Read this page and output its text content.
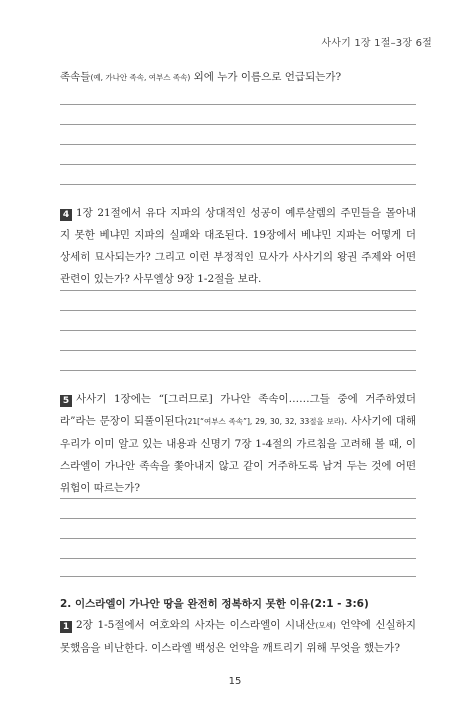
사사기 1장 1절–3장 6절
족속들(예, 가나안 족속, 여부스 족속) 외에 누가 이름으로 언급되는가?
4 1장 21절에서 유다 지파의 상대적인 성공이 예루살렘의 주민들을 몰아내지 못한 베냐민 지파의 실패와 대조된다. 19장에서 베냐민 지파는 어떻게 더 상세히 묘사되는가? 그리고 이런 부정적인 묘사가 사사기의 왕권 주제와 어떤 관련이 있는가? 사무엘상 9장 1-2절을 보라.
5 사사기 1장에는 “[그러므로] 가나안 족속이……그들 중에 거주하였더라”라는 문장이 되풀이된다(21[“여부스 족속”], 29, 30, 32, 33절을 보라). 사사기에 대해 우리가 이미 알고 있는 내용과 신명기 7장 1-4절의 가르침을 고려해 볼 때, 이스라엘이 가나안 족속을 쫓아내지 않고 같이 거주하도록 남겨 두는 것에 어떤 위험이 따르는가?
2. 이스라엘이 가나안 땅을 완전히 정복하지 못한 이유(2:1 - 3:6)
1 2장 1-5절에서 여호와의 사자는 이스라엘이 시내산(모세) 언약에 신실하지 못했음을 비난한다. 이스라엘 백성은 언약을 깨트리기 위해 무엇을 했는가?
15
